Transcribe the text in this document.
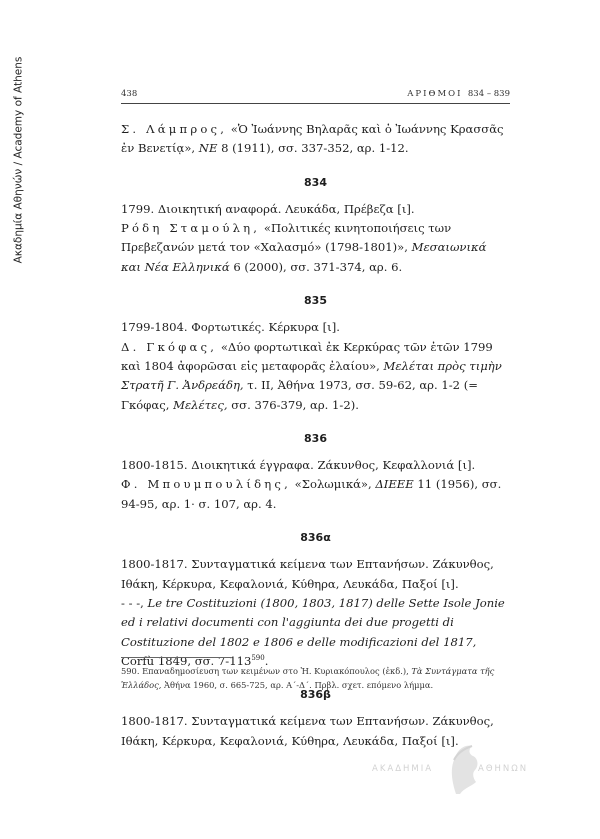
Ακαδημία Αθηνών / Academy of Athens	438	ΑΡΙΘΜΟΙ 834 – 839

Σ. Λάμπρος, «Ὁ Ἰωάννης Βηλαρᾶς καὶ ὁ Ἰωάννης Κρασσᾶς ἐν Βενετίᾳ», ΝΕ 8 (1911), σσ. 337-352, αρ. 1-12.

834

1799. Διοικητική αναφορά. Λευκάδα, Πρέβεζα [ι].

Ρόδη Σταμούλη, «Πολιτικές κινητοποιήσεις των Πρεβεζανών μετά τον «Χαλασμό» (1798-1801)», Μεσαιωνικά και Νέα Ελληνικά 6 (2000), σσ. 371-374, αρ. 6.

835

1799-1804. Φορτωτικές. Κέρκυρα [ι].

Δ. Γκόφας, «Δύο φορτωτικαὶ ἐκ Κερκύρας τῶν ἐτῶν 1799 καὶ 1804 ἀφορῶσαι εἰς μεταφορᾶς ἐλαίου», Μελέται πρὸς τιμὴν Στρατῆ Γ. Ἀνδρεάδη, τ. ΙΙ, Ἀθήνα 1973, σσ. 59-62, αρ. 1-2 (= Γκόφας, Μελέτες, σσ. 376-379, αρ. 1-2).

836

1800-1815. Διοικητικά έγγραφα. Ζάκυνθος, Κεφαλλονιά [ι].

Φ. Μπουμπουλίδης, «Σολωμικά», ΔΙΕΕΕ 11 (1956), σσ. 94-95, αρ. 1· σ. 107, αρ. 4.

836α

1800-1817. Συνταγματικά κείμενα των Επτανήσων. Ζάκυνθος, Ιθάκη, Κέρκυρα, Κεφαλονιά, Κύθηρα, Λευκάδα, Παξοί [ι].

- - -, Le tre Costituzioni (1800, 1803, 1817) delle Sette Isole Jonie ed i relativi documenti con l'aggiunta dei due progetti di Costituzione del 1802 e 1806 e delle modificazioni del 1817, Corfù 1849, σσ. $7-113^{590}$.

836β

1800-1817. Συνταγματικά κείμενα των Επτανήσων. Ζάκυνθος, Ιθάκη, Κέρκυρα, Κεφαλονιά, Κύθηρα, Λευκάδα, Παξοί [ι].

590. Επαναδημοσίευση των κειμένων στο Ἠ. Κυριακόπουλος (ἐκδ.), Τὰ Συντάγματα τῆς Ἑλλάδος, Ἀθήνα 1960, σ. 665-725, αρ. Α΄-Δ΄. Πρβλ. σχετ. επόμενο λήμμα.
ΑΚΑΔΗΜΙΑ	ΑΘΗΝΩΝ
